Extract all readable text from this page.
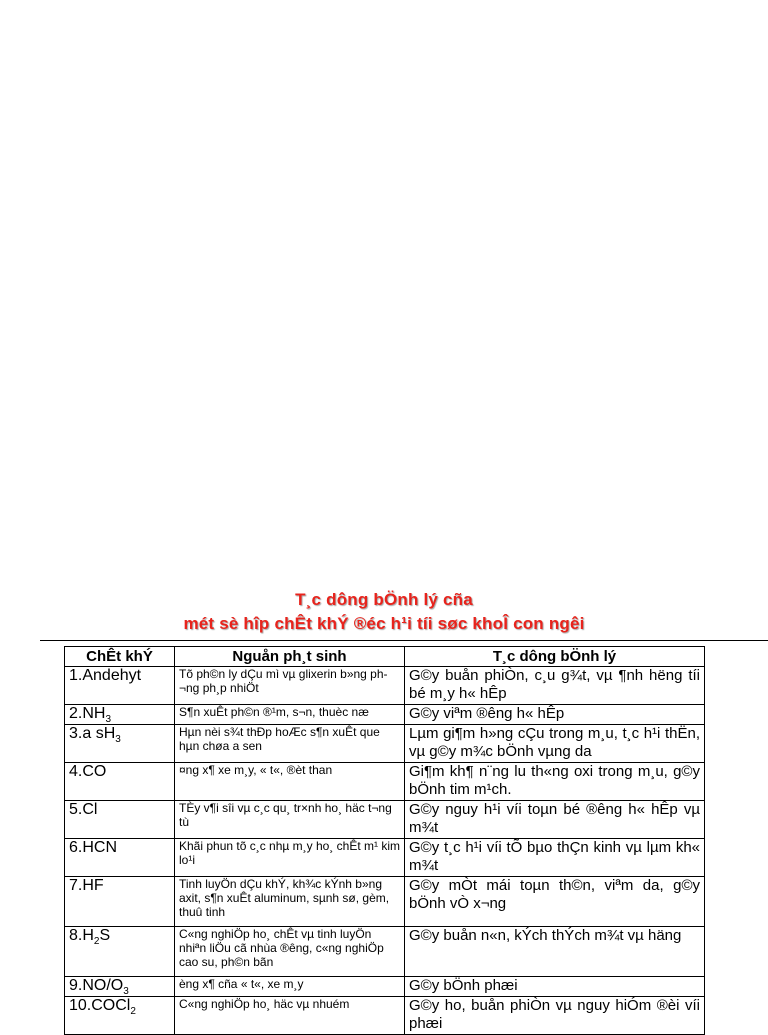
T¸c dông bÖnh lý cña
mét sè hîp chÊt khÝ ®éc h¹i tíi søc khoÎ con ngêi
ChÊt khÝ	Nguån ph¸t sinh	T¸c dông bÖnh lý
1.Andehyt	Tõ ph©n ly dÇu mì vµ glixerin b»ng ph¬ng ph¸p nhiÖt	G©y buån phiÒn, c¸u g¾t, vµ ¶nh hëng tíi bé m¸y h« hÊp
$2.NH_3$	S¶n xuÊt ph©n ®¹m, s¬n, thuèc næ	G©y viªm ®êng h« hÊp
3.a $sH_3$	Hµn nèi s¾t thÐp hoÆc s¶n xuÊt que hµn chøa a sen	Lµm gi¶m h»ng cÇu trong m¸u, t¸c h¹i thËn, vµ g©y m¾c bÖnh vµng da
4.CO	¤ng x¶ xe m¸y, « t«, ®èt than	Gi¶m kh¶ n¨ng lu th«ng oxi trong m¸u, g©y bÖnh tim m¹ch.
5.Cl	TÈy v¶i sîi vµ c¸c qu¸ tr×nh ho¸ häc t¬ng tù	G©y nguy h¹i víi toµn bé ®êng h« hÊp vµ m¾t
6.HCN	Khãi phun tõ c¸c nhµ m¸y ho¸ chÊt m¹ kim lo¹i	G©y t¸c h¹i víi tÕ bµo thÇn kinh vµ lµm kh« m¾t
7.HF	Tinh luyÖn dÇu khÝ, kh¾c kÝnh b»ng axit, s¶n xuÊt aluminum, sµnh sø, gèm, thuû tinh	G©y mÒt mái toµn th©n, viªm da, g©y bÖnh vÒ x¬ng
$8.H_2S$	C«ng nghiÖp ho¸ chÊt vµ tinh luyÖn nhiªn liÖu cã nhùa ®êng, c«ng nghiÖp cao su, ph©n bãn	G©y buån n«n, kÝch thÝch m¾t vµ häng
$9.NO/O_3$	èng x¶ cña « t«, xe m¸y	G©y bÖnh phæi
10.COCl$_2$	C«ng nghiÖp ho¸ häc vµ nhuém	G©y ho, buån phiÒn vµ nguy hiÓm ®èi víi phæi
